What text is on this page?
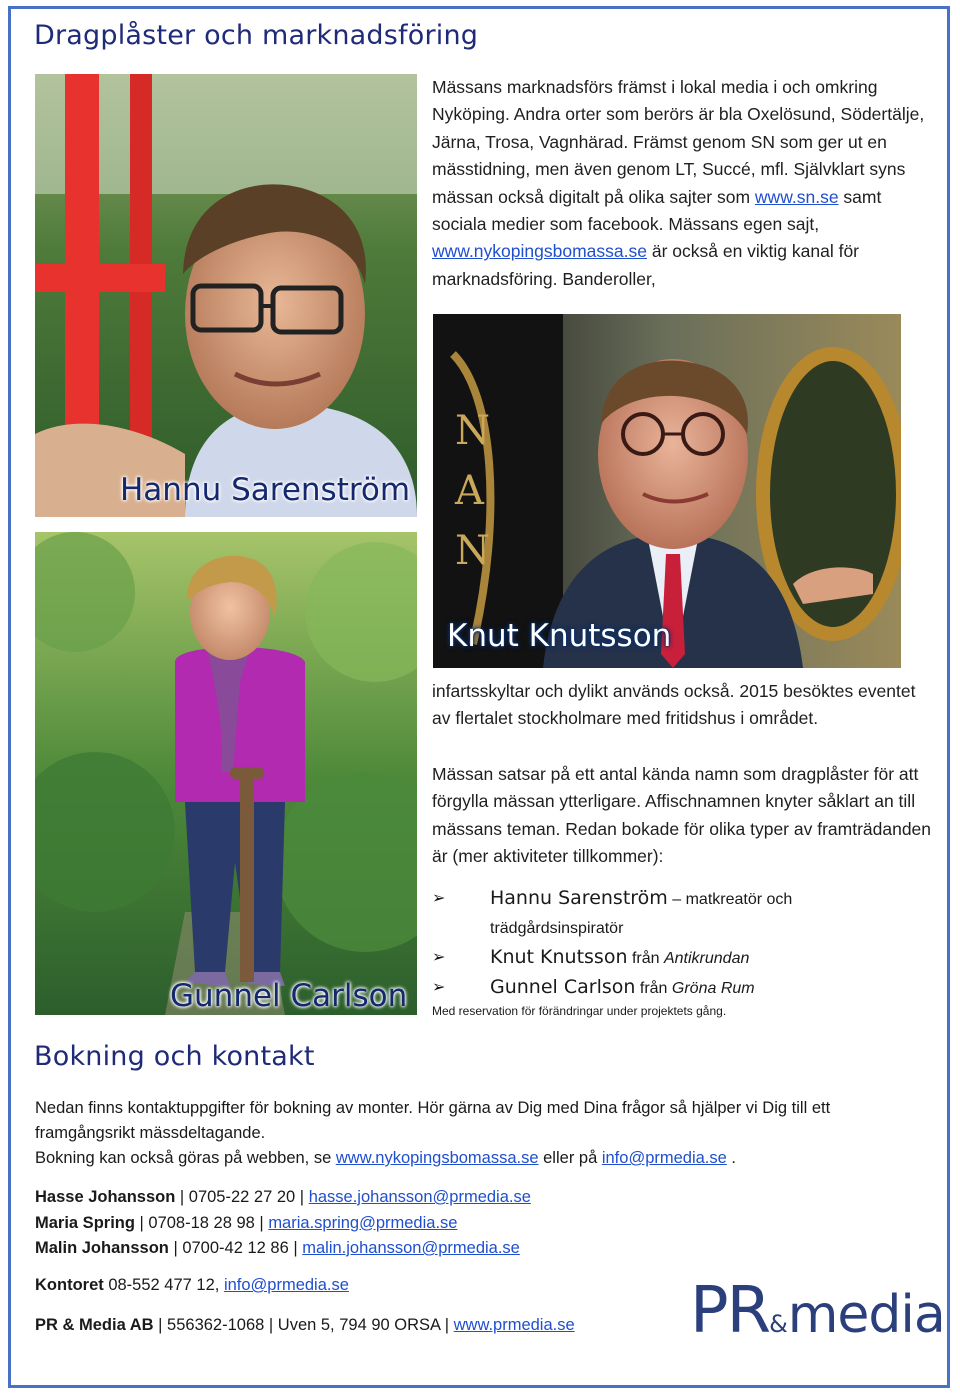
Dragplåster och marknadsföring
Hannu Sarenström
Mässans marknadsförs främst i lokal media i och omkring Nyköping. Andra orter som berörs är bla Oxelösund, Södertälje, Järna, Trosa, Vagnhärad. Främst genom SN som ger ut en mässtidning, men även genom LT, Succé, mfl. Självklart syns mässan också digitalt på olika sajter som www.sn.se samt sociala medier som facebook. Mässans egen sajt, www.nykopingsbomassa.se är också en viktig kanal för marknadsföring. Banderoller,
N
A
N
Knut Knutsson
Gunnel Carlson
infartsskyltar och dylikt används också. 2015 besöktes eventet av flertalet stockholmare med fritidshus i området.
Mässan satsar på ett antal kända namn som dragplåster för att förgylla mässan ytterligare. Affischnamnen knyter såklart an till mässans teman. Redan bokade för olika typer av framträdanden är (mer aktiviteter tillkommer):
➢ Hannu Sarenström – matkreatör och
trädgårdsinspiratör
➢ Knut Knutsson från Antikrundan
➢ Gunnel Carlson från Gröna Rum
Med reservation för förändringar under projektets gång.
Bokning och kontakt
Nedan finns kontaktuppgifter för bokning av monter. Hör gärna av Dig med Dina frågor så hjälper vi Dig till ett framgångsrikt mässdeltagande.
Bokning kan också göras på webben, se www.nykopingsbomassa.se eller på info@prmedia.se .
Hasse Johansson | 0705-22 27 20 | hasse.johansson@prmedia.se
Maria Spring | 0708-18 28 98 | maria.spring@prmedia.se
Malin Johansson | 0700-42 12 86 | malin.johansson@prmedia.se
Kontoret 08-552 477 12, info@prmedia.se
PR & Media AB | 556362-1068 | Uven 5, 794 90 ORSA | www.prmedia.se PR&media
